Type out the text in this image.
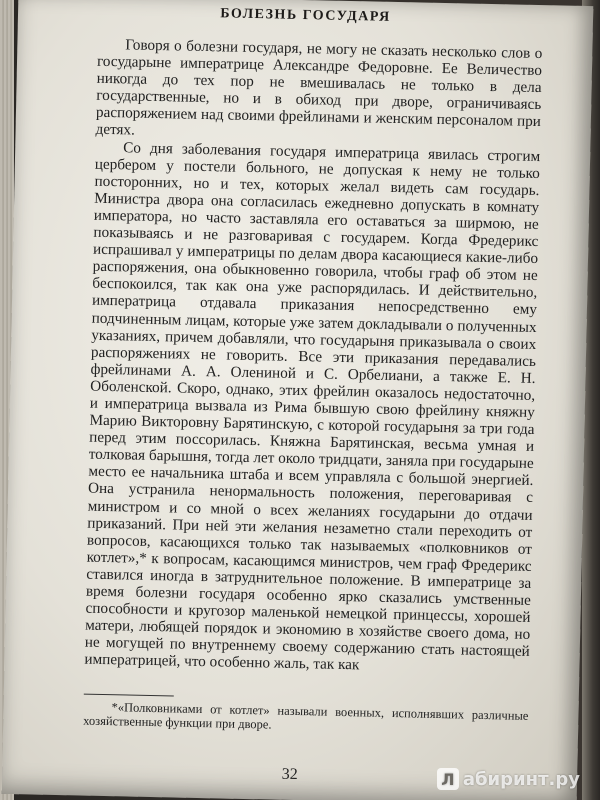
БОЛЕЗНЬ ГОСУДАРЯ

Говоря о болезни государя, не могу не сказать несколько слов о государыне императрице Александре Федоровне. Ее Величество никогда до тех пор не вмешивалась не только в дела государственные, но и в обиход при дворе, ограничиваясь распоряжением над своими фрейлинами и женским персоналом при детях.

Со дня заболевания государя императрица явилась строгим цербером у постели больного, не допуская к нему не только посторонних, но и тех, которых желал видеть сам государь. Министра двора она согласилась ежедневно допускать в комнату императора, но часто заставляла его оставаться за ширмою, не показываясь и не разговаривая с государем. Когда Фредерикс испрашивал у императрицы по делам двора касающиеся какие-либо распоряжения, она обыкновенно говорила, чтобы граф об этом не беспокоился, так как она уже распорядилась. И действительно, императрица отдавала приказания непосредственно ему подчиненным лицам, которые уже затем докладывали о полученных указаниях, причем добавляли, что государыня приказывала о своих распоряжениях не говорить. Все эти приказания передавались фрейлинами А. А. Олениной и С. Орбелиани, а также Е. Н. Оболенской. Скоро, однако, этих фрейлин оказалось недостаточно, и императрица вызвала из Рима бывшую свою фрейлину княжну Марию Викторовну Барятинскую, с которой государыня за три года перед этим поссорилась. Княжна Барятинская, весьма умная и толковая барышня, тогда лет около тридцати, заняла при государыне место ее начальника штаба и всем управляла с большой энергией. Она устранила ненормальность положения, переговаривая с министром и со мной о всех желаниях государыни до отдачи приказаний. При ней эти желания незаметно стали переходить от вопросов, касающихся только так называемых «полковников от котлет»,* к вопросам, касающимся министров, чем граф Фредерикс ставился иногда в затруднительное положение. В императрице за время болезни государя особенно ярко сказались умственные способности и кругозор маленькой немецкой принцессы, хорошей матери, любящей порядок и экономию в хозяйстве своего дома, но не могущей по внутреннему своему содержанию стать настоящей императрицей, что особенно жаль, так как

*«Полковниками от котлет» называли военных, исполнявших различные хозяйственные функции при дворе.

32	Л абиринт.ру
